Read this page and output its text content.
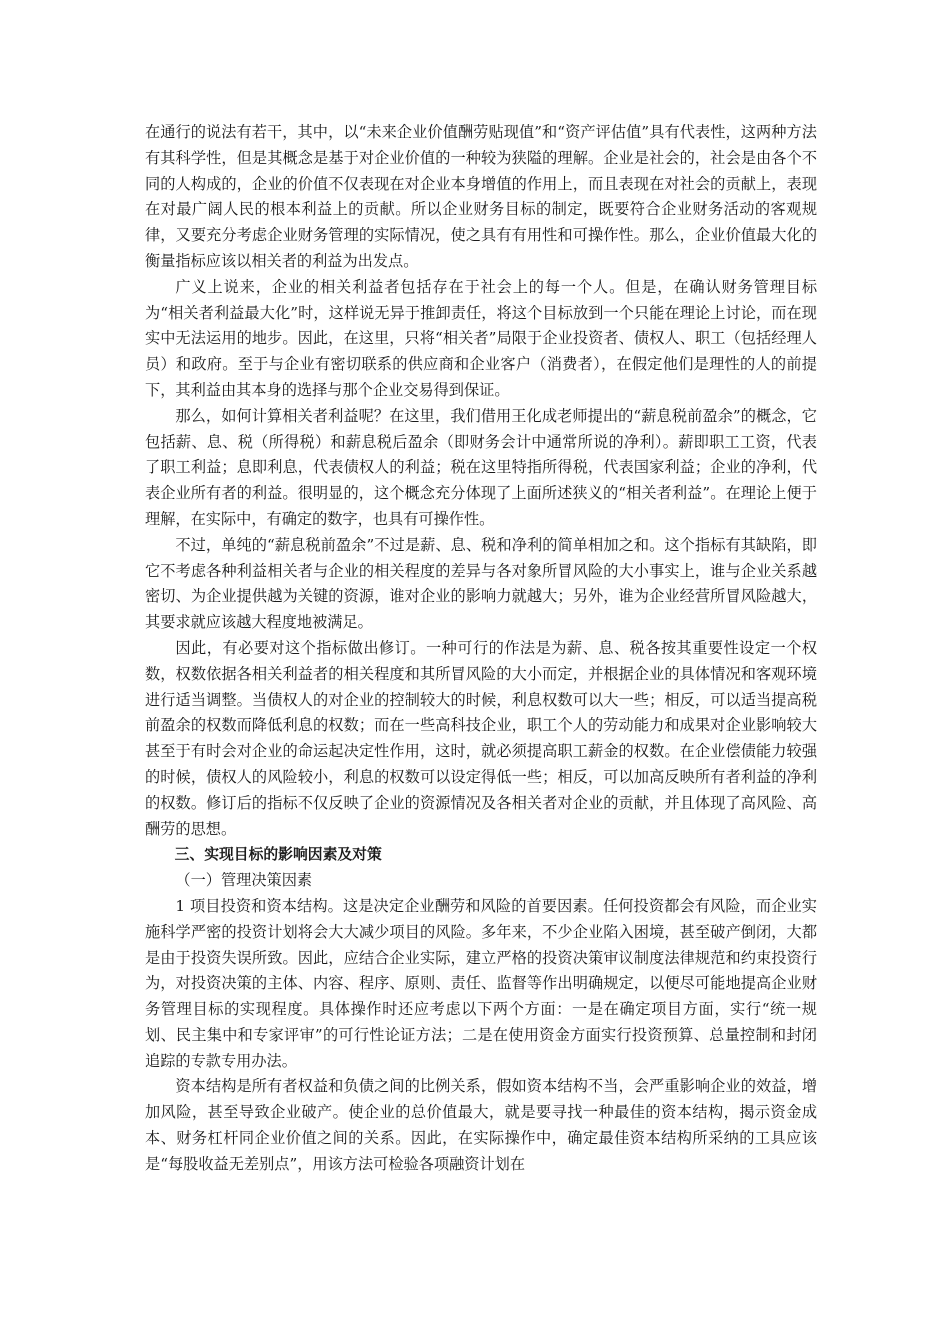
在通行的说法有若干，其中，以“未来企业价值酬劳贴现值”和“资产评估值”具有代表性，这两种方法有其科学性，但是其概念是基于对企业价值的一种较为狭隘的理解。企业是社会的，社会是由各个不同的人构成的，企业的价值不仅表现在对企业本身增值的作用上，而且表现在对社会的贡献上，表现在对最广阔人民的根本利益上的贡献。所以企业财务目标的制定，既要符合企业财务活动的客观规律，又要充分考虑企业财务管理的实际情况，使之具有有用性和可操作性。那么，企业价值最大化的衡量指标应该以相关者的利益为出发点。

广义上说来，企业的相关利益者包括存在于社会上的每一个人。但是，在确认财务管理目标为“相关者利益最大化”时，这样说无异于推卸责任，将这个目标放到一个只能在理论上讨论，而在现实中无法运用的地步。因此，在这里，只将“相关者”局限于企业投资者、债权人、职工（包括经理人员）和政府。至于与企业有密切联系的供应商和企业客户（消费者），在假定他们是理性的人的前提下，其利益由其本身的选择与那个企业交易得到保证。

那么，如何计算相关者利益呢？在这里，我们借用王化成老师提出的“薪息税前盈余”的概念，它包括薪、息、税（所得税）和薪息税后盈余（即财务会计中通常所说的净利）。薪即职工工资，代表了职工利益；息即利息，代表债权人的利益；税在这里特指所得税，代表国家利益；企业的净利，代表企业所有者的利益。很明显的，这个概念充分体现了上面所述狭义的“相关者利益”。在理论上便于理解，在实际中，有确定的数字，也具有可操作性。

不过，单纯的“薪息税前盈余”不过是薪、息、税和净利的简单相加之和。这个指标有其缺陷，即它不考虑各种利益相关者与企业的相关程度的差异与各对象所冒风险的大小事实上，谁与企业关系越密切、为企业提供越为关键的资源，谁对企业的影响力就越大；另外，谁为企业经营所冒风险越大，其要求就应该越大程度地被满足。

因此，有必要对这个指标做出修订。一种可行的作法是为薪、息、税各按其重要性设定一个权数，权数依据各相关利益者的相关程度和其所冒风险的大小而定，并根据企业的具体情况和客观环境进行适当调整。当债权人的对企业的控制较大的时候，利息权数可以大一些；相反，可以适当提高税前盈余的权数而降低利息的权数；而在一些高科技企业，职工个人的劳动能力和成果对企业影响较大甚至于有时会对企业的命运起决定性作用，这时，就必须提高职工薪金的权数。在企业偿债能力较强的时候，债权人的风险较小，利息的权数可以设定得低一些；相反，可以加高反映所有者利益的净利的权数。修订后的指标不仅反映了企业的资源情况及各相关者对企业的贡献，并且体现了高风险、高酬劳的思想。

三、实现目标的影响因素及对策

（一）管理决策因素

1 项目投资和资本结构。这是决定企业酬劳和风险的首要因素。任何投资都会有风险，而企业实施科学严密的投资计划将会大大减少项目的风险。多年来，不少企业陷入困境，甚至破产倒闭，大都是由于投资失误所致。因此，应结合企业实际，建立严格的投资决策审议制度法律规范和约束投资行为，对投资决策的主体、内容、程序、原则、责任、监督等作出明确规定，以便尽可能地提高企业财务管理目标的实现程度。具体操作时还应考虑以下两个方面：一是在确定项目方面，实行“统一规划、民主集中和专家评审”的可行性论证方法；二是在使用资金方面实行投资预算、总量控制和封闭追踪的专款专用办法。

资本结构是所有者权益和负债之间的比例关系，假如资本结构不当，会严重影响企业的效益，增加风险，甚至导致企业破产。使企业的总价值最大，就是要寻找一种最佳的资本结构，揭示资金成本、财务杠杆同企业价值之间的关系。因此，在实际操作中，确定最佳资本结构所采纳的工具应该是“每股收益无差别点”，用该方法可检验各项融资计划在
